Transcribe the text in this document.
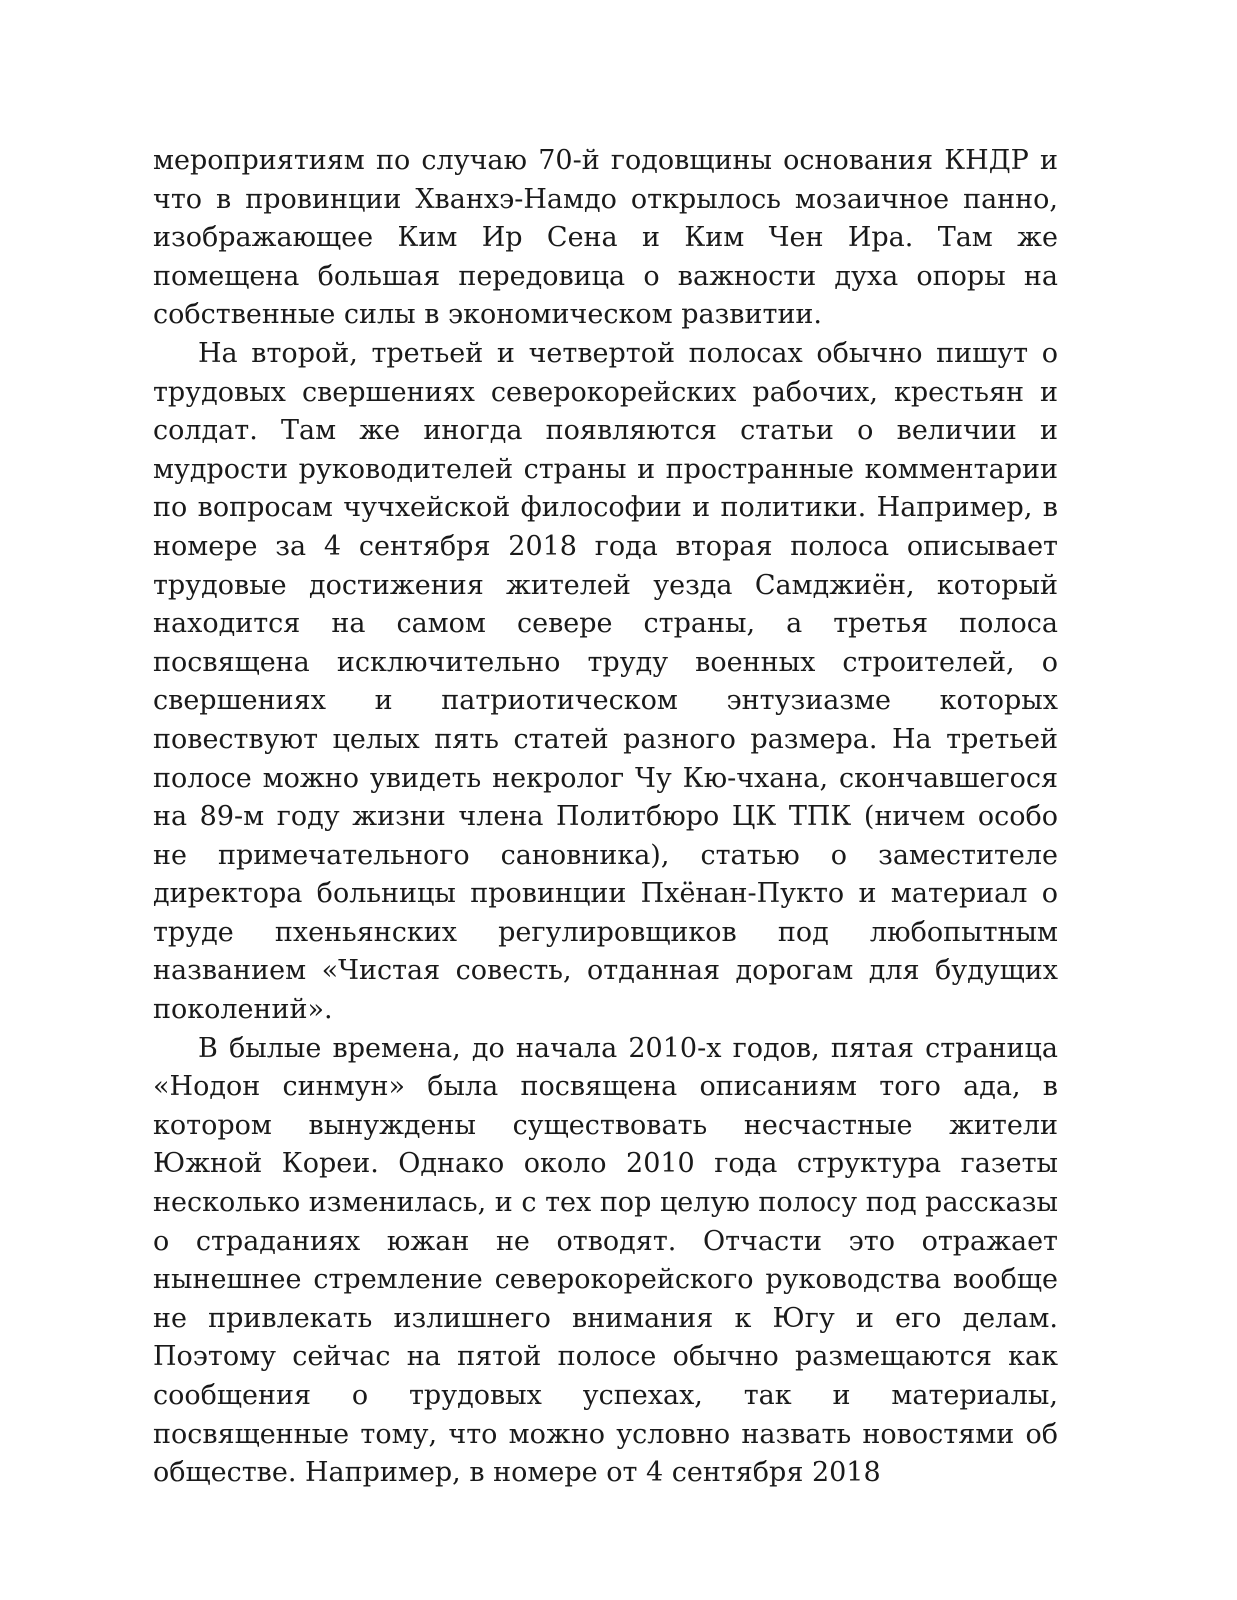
мероприятиям по случаю 70-й годовщины основания КНДР и что в провинции Хванхэ-Намдо открылось мозаичное панно, изображающее Ким Ир Сена и Ким Чен Ира. Там же помещена большая передовица о важности духа опоры на собственные силы в экономическом развитии.

На второй, третьей и четвертой полосах обычно пишут о трудовых свершениях северокорейских рабочих, крестьян и солдат. Там же иногда появляются статьи о величии и мудрости руководителей страны и пространные комментарии по вопросам чучхейской философии и политики. Например, в номере за 4 сентября 2018 года вторая полоса описывает трудовые достижения жителей уезда Самджиён, который находится на самом севере страны, а третья полоса посвящена исключительно труду военных строителей, о свершениях и патриотическом энтузиазме которых повествуют целых пять статей разного размера. На третьей полосе можно увидеть некролог Чу Кю-чхана, скончавшегося на 89-м году жизни члена Политбюро ЦК ТПК (ничем особо не примечательного сановника), статью о заместителе директора больницы провинции Пхёнан-Пукто и материал о труде пхеньянских регулировщиков под любопытным названием «Чистая совесть, отданная дорогам для будущих поколений».

В былые времена, до начала 2010-х годов, пятая страница «Нодон синмун» была посвящена описаниям того ада, в котором вынуждены существовать несчастные жители Южной Кореи. Однако около 2010 года структура газеты несколько изменилась, и с тех пор целую полосу под рассказы о страданиях южан не отводят. Отчасти это отражает нынешнее стремление северокорейского руководства вообще не привлекать излишнего внимания к Югу и его делам. Поэтому сейчас на пятой полосе обычно размещаются как сообщения о трудовых успехах, так и материалы, посвященные тому, что можно условно назвать новостями об обществе. Например, в номере от 4 сентября 2018
